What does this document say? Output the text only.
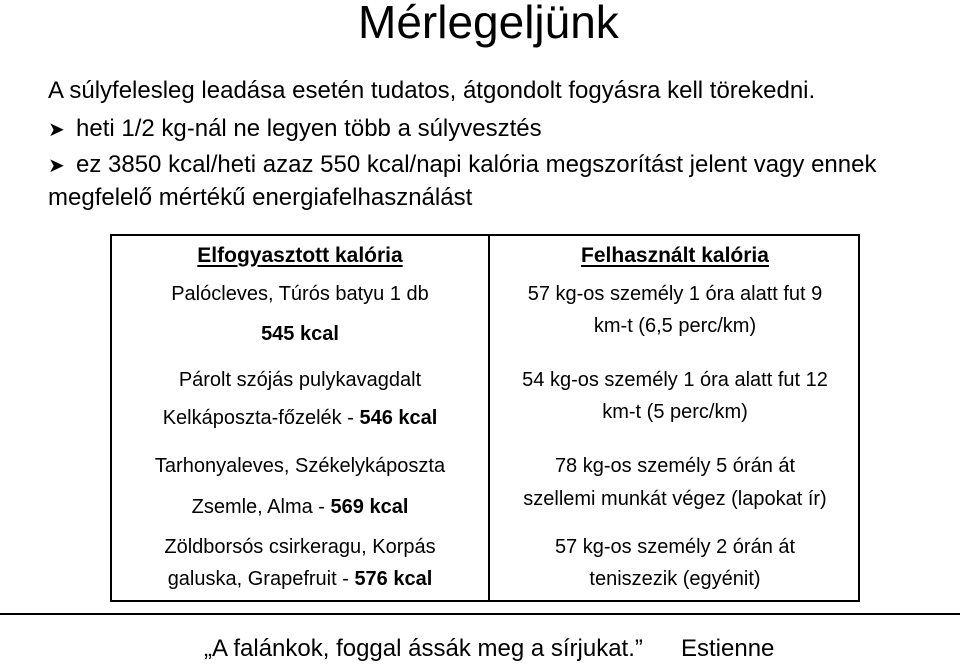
Mérlegeljünk
A súlyfelesleg leadása esetén tudatos, átgondolt fogyásra kell törekedni.
➤ heti 1/2 kg-nál ne legyen több a súlyvesztés
➤ ez 3850 kcal/heti azaz 550 kcal/napi kalória megszorítást jelent vagy ennek
megfelelő mértékű energiafelhasználást
Elfogyasztott kalória
Palócleves, Túrós batyu 1 db
545 kcal
Párolt szójás pulykavagdalt
Kelkáposzta-főzelék - 546 kcal
Tarhonyaleves, Székelykáposzta
Zsemle, Alma - 569 kcal
Zöldborsós csirkeragu, Korpás
galuska, Grapefruit - 576 kcal
Felhasznált kalória
57 kg-os személy 1 óra alatt fut 9
km-t (6,5 perc/km)
54 kg-os személy 1 óra alatt fut 12
km-t (5 perc/km)
78 kg-os személy 5 órán át
szellemi munkát végez (lapokat ír)
57 kg-os személy 2 órán át
teniszezik (egyénit)
„A falánkok, foggal ássák meg a sírjukat.” Estienne
